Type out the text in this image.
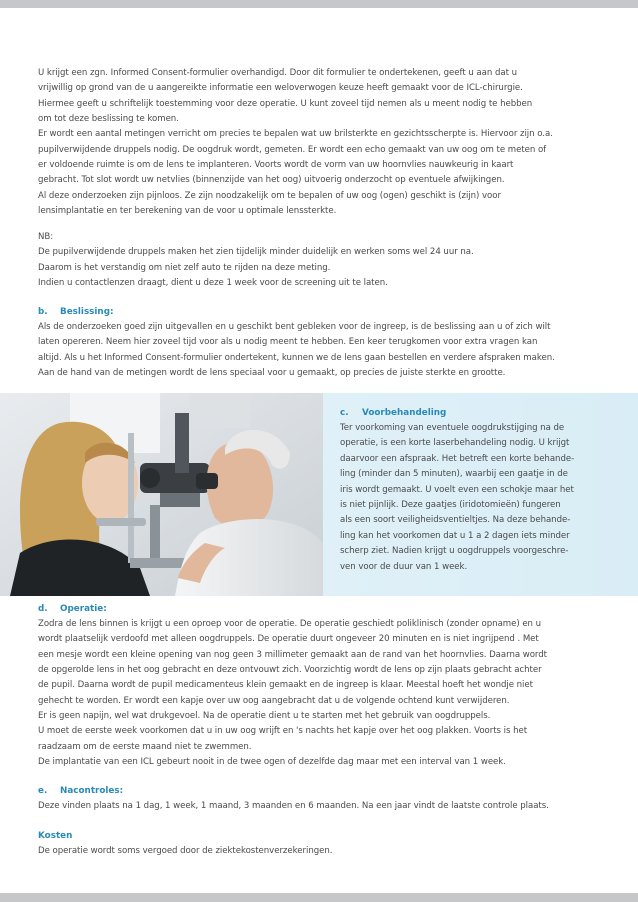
U krijgt een zgn. Informed Consent-formulier overhandigd. Door dit formulier te ondertekenen, geeft u aan dat u
vrijwillig op grond van de u aangereikte informatie een weloverwogen keuze heeft gemaakt voor de ICL-chirurgie.
Hiermee geeft u schriftelijk toestemming voor deze operatie. U kunt zoveel tijd nemen als u meent nodig te hebben
om tot deze beslissing te komen.
Er wordt een aantal metingen verricht om precies te bepalen wat uw brilsterkte en gezichtsscherpte is. Hiervoor zijn o.a.
pupilverwijdende druppels nodig. De oogdruk wordt, gemeten. Er wordt een echo gemaakt van uw oog om te meten of
er voldoende ruimte is om de lens te implanteren. Voorts wordt de vorm van uw hoornvlies nauwkeurig in kaart
gebracht. Tot slot wordt uw netvlies (binnenzijde van het oog) uitvoerig onderzocht op eventuele afwijkingen.
Al deze onderzoeken zijn pijnloos. Ze zijn noodzakelijk om te bepalen of uw oog (ogen) geschikt is (zijn) voor
lensimplantatie en ter berekening van de voor u optimale lenssterkte.

NB:
De pupilverwijdende druppels maken het zien tijdelijk minder duidelijk en werken soms wel 24 uur na.
Daarom is het verstandig om niet zelf auto te rijden na deze meting.
Indien u contactlenzen draagt, dient u deze 1 week voor de screening uit te laten.

b. Beslissing:

Als de onderzoeken goed zijn uitgevallen en u geschikt bent gebleken voor de ingreep, is de beslissing aan u of zich wilt
laten opereren. Neem hier zoveel tijd voor als u nodig meent te hebben. Een keer terugkomen voor extra vragen kan
altijd. Als u het Informed Consent-formulier ondertekent, kunnen we de lens gaan bestellen en verdere afspraken maken.
Aan de hand van de metingen wordt de lens speciaal voor u gemaakt, op precies de juiste sterkte en grootte.

c. Voorbehandeling

Ter voorkoming van eventuele oogdrukstijging na de
operatie, is een korte laserbehandeling nodig. U krijgt
daarvoor een afspraak. Het betreft een korte behande-
ling (minder dan 5 minuten), waarbij een gaatje in de
iris wordt gemaakt. U voelt even een schokje maar het
is niet pijnlijk. Deze gaatjes (iridotomieën) fungeren
als een soort veiligheidsventieltjes. Na deze behande-
ling kan het voorkomen dat u 1 a 2 dagen iets minder
scherp ziet. Nadien krijgt u oogdruppels voorgeschre-
ven voor de duur van 1 week.

d. Operatie:

Zodra de lens binnen is krijgt u een oproep voor de operatie. De operatie geschiedt poliklinisch (zonder opname) en u
wordt plaatselijk verdoofd met alleen oogdruppels. De operatie duurt ongeveer 20 minuten en is niet ingrijpend . Met
een mesje wordt een kleine opening van nog geen 3 millimeter gemaakt aan de rand van het hoornvlies. Daarna wordt
de opgerolde lens in het oog gebracht en deze ontvouwt zich. Voorzichtig wordt de lens op zijn plaats gebracht achter
de pupil. Daarna wordt de pupil medicamenteus klein gemaakt en de ingreep is klaar. Meestal hoeft het wondje niet
gehecht te worden. Er wordt een kapje over uw oog aangebracht dat u de volgende ochtend kunt verwijderen.
Er is geen napijn, wel wat drukgevoel. Na de operatie dient u te starten met het gebruik van oogdruppels.
U moet de eerste week voorkomen dat u in uw oog wrijft en 's nachts het kapje over het oog plakken. Voorts is het
raadzaam om de eerste maand niet te zwemmen.
De implantatie van een ICL gebeurt nooit in de twee ogen of dezelfde dag maar met een interval van 1 week.

e. Nacontroles:

Deze vinden plaats na 1 dag, 1 week, 1 maand, 3 maanden en 6 maanden. Na een jaar vindt de laatste controle plaats.

Kosten

De operatie wordt soms vergoed door de ziektekostenverzekeringen.
